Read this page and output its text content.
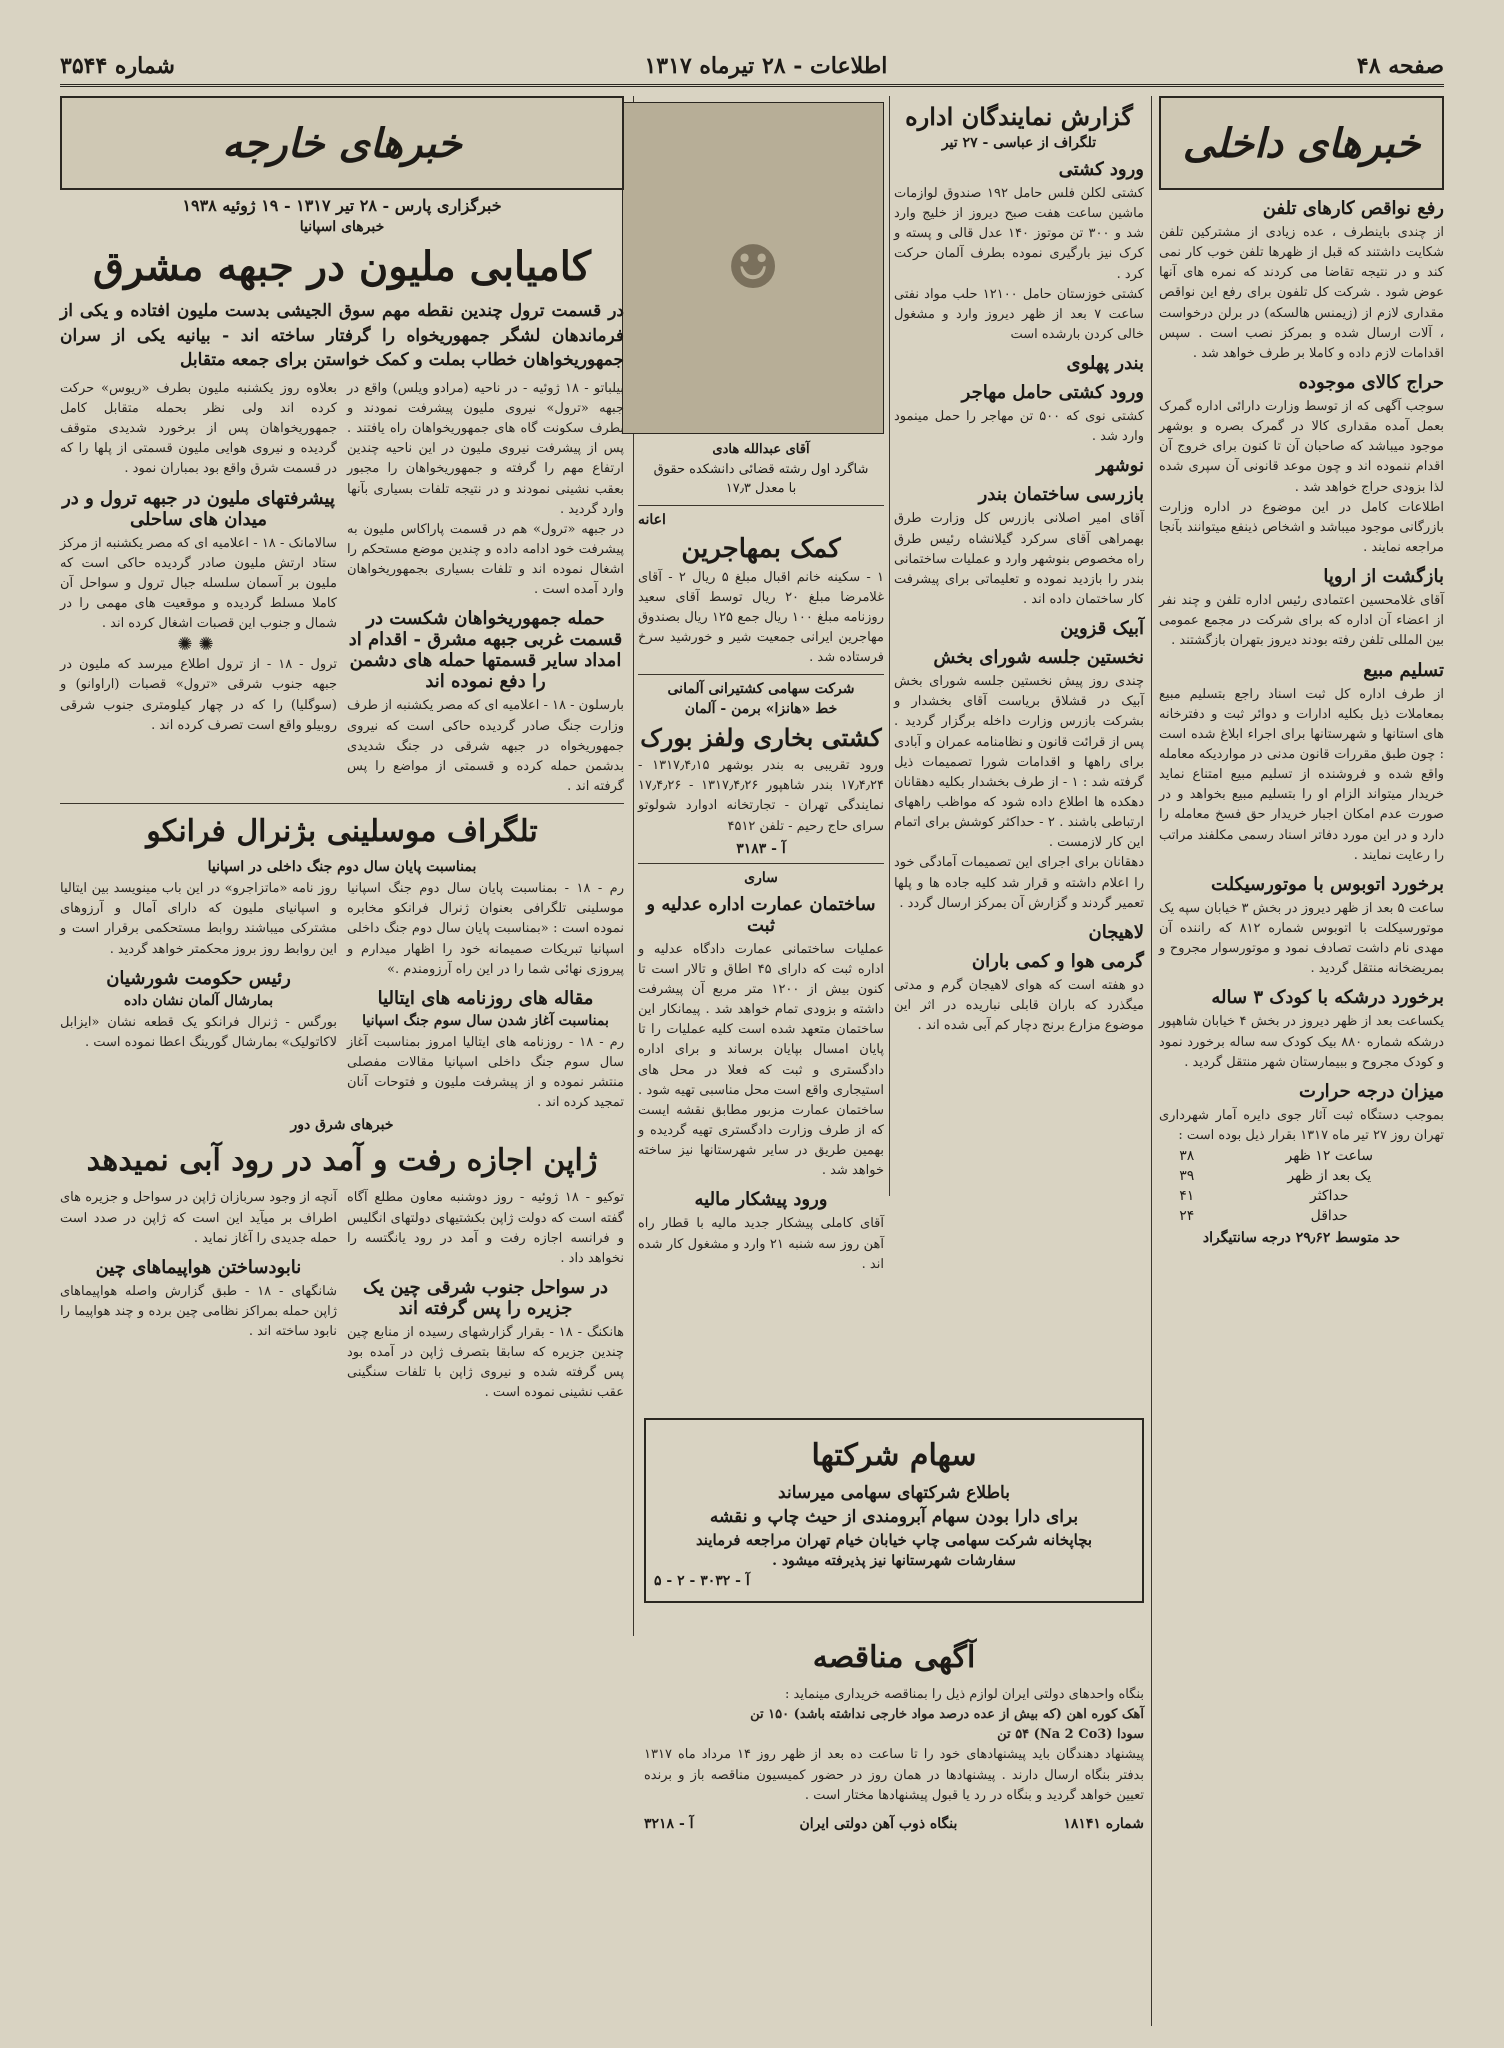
صفحه ۴۸
اطلاعات - ۲۸ تیرماه ۱۳۱۷
شماره ۳۵۴۴
خبرهای داخلی
رفع نواقص کارهای تلفن
از چندی باینطرف ، عده زیادی از مشترکین تلفن شکایت داشتند که قبل از ظهرها تلفن خوب کار نمی کند و در نتیجه تقاضا می کردند که نمره های آنها عوض شود . شرکت کل تلفون برای رفع این نواقص مقداری لازم از (زیمنس هالسکه) در برلن درخواست ، آلات ارسال شده و بمرکز نصب است . سپس اقدامات لازم داده و کاملا بر طرف خواهد شد .
حراج کالای موجوده
سوجب آگهی که از توسط وزارت دارائی اداره گمرک بعمل آمده مقداری کالا در گمرک بصره و بوشهر موجود میباشد که صاحبان آن تا کنون برای خروج آن اقدام ننموده اند و چون موعد قانونی آن سپری شده لذا بزودی حراج خواهد شد .
اطلاعات کامل در این موضوع در اداره وزارت بازرگانی موجود میباشد و اشخاص ذینفع میتوانند بآنجا مراجعه نمایند .
بازگشت از اروپا
آقای غلامحسین اعتمادی رئیس اداره تلفن و چند نفر از اعضاء آن اداره که برای شرکت در مجمع عمومی بین المللی تلفن رفته بودند دیروز بتهران بازگشتند .
تسلیم مبیع
از طرف اداره کل ثبت اسناد راجع بتسلیم مبیع بمعاملات ذیل بکلیه ادارات و دوائر ثبت و دفترخانه های استانها و شهرستانها برای اجراء ابلاغ شده است : چون طبق مقررات قانون مدنی در مواردیکه معامله واقع شده و فروشنده از تسلیم مبیع امتناع نماید خریدار میتواند الزام او را بتسلیم مبیع بخواهد و در صورت عدم امکان اجبار خریدار حق فسخ معامله را دارد و در این مورد دفاتر اسناد رسمی مکلفند مراتب را رعایت نمایند .
برخورد اتوبوس با موتورسیکلت
ساعت ۵ بعد از ظهر دیروز در بخش ۳ خیابان سپه یک موتورسیکلت با اتوبوس شماره ۸۱۲ که راننده آن مهدی نام داشت تصادف نمود و موتورسوار مجروح و بمریضخانه منتقل گردید .
برخورد درشکه با کودک ۳ ساله
یکساعت بعد از ظهر دیروز در بخش ۴ خیابان شاهپور درشکه شماره ۸۸۰ بیک کودک سه ساله برخورد نمود و کودک مجروح و ببیمارستان شهر منتقل گردید .
میزان درجه حرارت
بموجب دستگاه ثبت آثار جوی دایره آمار شهرداری تهران روز ۲۷ تیر ماه ۱۳۱۷ بقرار ذیل بوده است :
ساعت ۱۲ ظهر	۳۸
یک بعد از ظهر	۳۹
حداکثر	۴۱
حداقل	۲۴
حد متوسط ۲۹٫۶۲ درجه سانتیگراد
گزارش نمایندگان اداره
تلگراف از عباسی - ۲۷ تیر
ورود کشتی
کشتی لکلن فلس حامل ۱۹۲ صندوق لوازمات ماشین ساعت هفت صبح دیروز از خلیج وارد شد و ۳۰۰ تن موتوز ۱۴۰ عدل قالی و پسته و کرک نیز بارگیری نموده بطرف آلمان حرکت کرد .
کشتی خوزستان حامل ۱۲۱۰۰ حلب مواد نفتی ساعت ۷ بعد از ظهر دیروز وارد و مشغول خالی کردن بارشده است
بندر پهلوی
ورود کشتی حامل مهاجر
کشتی نوی که ۵۰۰ تن مهاجر را حمل مینمود وارد شد .
نوشهر
بازرسی ساختمان بندر
آقای امیر اصلانی بازرس کل وزارت طرق بهمراهی آقای سرکرد گیلانشاه رئیس طرق راه مخصوص بنوشهر وارد و عملیات ساختمانی بندر را بازدید نموده و تعلیماتی برای پیشرفت کار ساختمان داده اند .
آبیک قزوین
نخستین جلسه شورای بخش
چندی روز پیش نخستین جلسه شورای بخش آبیک در قشلاق بریاست آقای بخشدار و بشرکت بازرس وزارت داخله برگزار گردید . پس از قرائت قانون و نظامنامه عمران و آبادی برای راهها و اقدامات شورا تصمیمات ذیل گرفته شد : ۱ - از طرف بخشدار بکلیه دهقانان دهکده ها اطلاع داده شود که مواظب راههای ارتباطی باشند . ۲ - حداکثر کوشش برای اتمام این کار لازمست .
دهقانان برای اجرای این تصمیمات آمادگی خود را اعلام داشته و قرار شد کلیه جاده ها و پلها تعمیر گردند و گزارش آن بمرکز ارسال گردد .
لاهیجان
گرمی هوا و کمی باران
دو هفته است که هوای لاهیجان گرم و مدتی میگذرد که باران قابلی نباریده در اثر این موضوع مزارع برنج دچار کم آبی شده اند .
☻
آقای عبدالله هادی
شاگرد اول رشته قضائی دانشکده حقوق
با معدل ۱۷٫۳
اعانه
کمک بمهاجرین
۱ - سکینه خانم اقبال مبلغ ۵ ریال ۲ - آقای غلامرضا مبلغ ۲۰ ریال توسط آقای سعید روزنامه مبلغ ۱۰۰ ریال جمع ۱۲۵ ریال بصندوق مهاجرین ایرانی جمعیت شیر و خورشید سرخ فرستاده شد .
شرکت سهامی کشتیرانی آلمانی
خط «هانزا» برمن - آلمان
کشتی بخاری ولفز بورک
ورود تقریبی به بندر بوشهر ۱۳۱۷٫۴٫۱۵ - ۱۷٫۴٫۲۴ بندر شاهپور ۱۳۱۷٫۴٫۲۶ - ۱۷٫۴٫۲۶ نمایندگی تهران - تجارتخانه ادوارد شولوتو سرای حاج رحیم - تلفن ۴۵۱۲
آ - ۳۱۸۳
ساری
ساختمان عمارت اداره عدلیه و ثبت
عملیات ساختمانی عمارت دادگاه عدلیه و اداره ثبت که دارای ۴۵ اطاق و تالار است تا کنون بیش از ۱۲۰۰ متر مربع آن پیشرفت داشته و بزودی تمام خواهد شد . پیمانکار این ساختمان متعهد شده است کلیه عملیات را تا پایان امسال بپایان برساند و برای اداره دادگستری و ثبت که فعلا در محل های استیجاری واقع است محل مناسبی تهیه شود . ساختمان عمارت مزبور مطابق نقشه ایست که از طرف وزارت دادگستری تهیه گردیده و بهمین طریق در سایر شهرستانها نیز ساخته خواهد شد .
ورود پیشکار مالیه
آقای کاملی پیشکار جدید مالیه با قطار راه آهن روز سه شنبه ۲۱ وارد و مشغول کار شده اند .
خبرهای خارجه
خبرگزاری پارس - ۲۸ تیر ۱۳۱۷ - ۱۹ ژوئیه ۱۹۳۸
خبرهای اسپانیا
کامیابی ملیون در جبهه مشرق
در قسمت ترول چندین نقطه مهم سوق الجیشی بدست ملیون افتاده و یکی از فرماندهان لشگر جمهوریخواه را گرفتار ساخته اند - بیانیه یکی از سران جمهوریخواهان خطاب بملت و کمک خواستن برای جمعه متقابل
بیلباتو - ۱۸ ژوئیه - در ناحیه (مرادو ویلس) واقع در جبهه «ترول» نیروی ملیون پیشرفت نمودند و بطرف سکونت گاه های جمهوریخواهان راه یافتند . پس از پیشرفت نیروی ملیون در این ناحیه چندین ارتفاع مهم را گرفته و جمهوریخواهان را مجبور بعقب نشینی نمودند و در نتیجه تلفات بسیاری بآنها وارد گردید .
در جبهه «ترول» هم در قسمت پاراکاس ملیون به پیشرفت خود ادامه داده و چندین موضع مستحکم را اشغال نموده اند و تلفات بسیاری بجمهوریخواهان وارد آمده است .
حمله جمهوریخواهان شکست در قسمت غربی جبهه مشرق - اقدام اد امداد سایر قسمتها حمله های دشمن را دفع نموده اند
بارسلون - ۱۸ - اعلامیه ای که مصر یکشنبه از طرف وزارت جنگ صادر گردیده حاکی است که نیروی جمهوریخواه در جبهه شرقی در جنگ شدیدی بدشمن حمله کرده و قسمتی از مواضع را پس گرفته اند .
بعلاوه روز یکشنبه ملیون بطرف «ریوس» حرکت کرده اند ولی نظر بحمله متقابل کامل جمهوریخواهان پس از برخورد شدیدی متوقف گردیده و نیروی هوایی ملیون قسمتی از پلها را که در قسمت شرق واقع بود بمباران نمود .
پیشرفتهای ملیون در جبهه ترول و در میدان های ساحلی
سالامانک - ۱۸ - اعلامیه ای که مصر یکشنبه از مرکز ستاد ارتش ملیون صادر گردیده حاکی است که ملیون بر آسمان سلسله جبال ترول و سواحل آن کاملا مسلط گردیده و موقعیت های مهمی را در شمال و جنوب این قصبات اشغال کرده اند .
✺✺
ترول - ۱۸ - از ترول اطلاع میرسد که ملیون در جبهه جنوب شرقی «ترول» قصبات (اراوانو) و (سوگلیا) را که در چهار کیلومتری جنوب شرقی روبیلو واقع است تصرف کرده اند .
تلگراف موسلینی بژنرال فرانکو
بمناسبت پایان سال دوم جنگ داخلی در اسپانیا
رم - ۱۸ - بمناسبت پایان سال دوم جنگ اسپانیا موسلینی تلگرافی بعنوان ژنرال فرانکو مخابره نموده است : «بمناسبت پایان سال دوم جنگ داخلی اسپانیا تبریکات صمیمانه خود را اظهار میدارم و پیروزی نهائی شما را در این راه آرزومندم .»
مقاله های روزنامه های ایتالیا
بمناسبت آغاز شدن سال سوم جنگ اسپانیا
رم - ۱۸ - روزنامه های ایتالیا امروز بمناسبت آغاز سال سوم جنگ داخلی اسپانیا مقالات مفصلی منتشر نموده و از پیشرفت ملیون و فتوحات آنان تمجید کرده اند .
روز نامه «ماتزاجرو» در این باب مینویسد بین ایتالیا و اسپانیای ملیون که دارای آمال و آرزوهای مشترکی میباشند روابط مستحکمی برقرار است و این روابط روز بروز محکمتر خواهد گردید .
رئیس حکومت شورشیان
بمارشال آلمان نشان داده
بورگس - ژنرال فرانکو یک قطعه نشان «ایزابل لاکاتولیک» بمارشال گورینگ اعطا نموده است .
خبرهای شرق دور
ژاپن اجازه رفت و آمد در رود آبی نمیدهد
توکیو - ۱۸ ژوئیه - روز دوشنبه معاون مطلع آگاه گفته است که دولت ژاپن بکشتیهای دولتهای انگلیس و فرانسه اجازه رفت و آمد در رود یانگتسه را نخواهد داد .
در سواحل جنوب شرقی چین یک جزیره را پس گرفته اند
هانکنگ - ۱۸ - بقرار گزارشهای رسیده از منابع چین چندین جزیره که سابقا بتصرف ژاپن در آمده بود پس گرفته شده و نیروی ژاپن با تلفات سنگینی عقب نشینی نموده است .
آنچه از وجود سربازان ژاپن در سواحل و جزیره های اطراف بر میآید این است که ژاپن در صدد است حمله جدیدی را آغاز نماید .
نابودساختن هواپیماهای چین
شانگهای - ۱۸ - طبق گزارش واصله هواپیماهای ژاپن حمله بمراکز نظامی چین برده و چند هواپیما را نابود ساخته اند .
سهام شرکتها
باطلاع شرکتهای سهامی میرساند
برای دارا بودن سهام آبرومندی از حیث چاپ و نقشه
بچاپخانه شرکت سهامی چاپ خیابان خیام تهران مراجعه فرمایند
سفارشات شهرستانها نیز پذیرفته میشود .
آ - ۳۰۳۲ - ۲ - ۵
آگهی مناقصه
بنگاه واحدهای دولتی ایران لوازم ذیل را بمناقصه خریداری مینماید :
آهک کوره اهن (که بیش از عده درصد مواد خارجی نداشته باشد) ۱۵۰ تن
سودا (Na 2 Co3) ۵۴ تن
پیشنهاد دهندگان باید پیشنهادهای خود را تا ساعت ده بعد از ظهر روز ۱۴ مرداد ماه ۱۳۱۷ بدفتر بنگاه ارسال دارند . پیشنهادها در همان روز در حضور کمیسیون مناقصه باز و برنده تعیین خواهد گردید و بنگاه در رد یا قبول پیشنهادها مختار است .
شماره ۱۸۱۴۱
بنگاه ذوب آهن دولتی ایران
آ - ۳۲۱۸
